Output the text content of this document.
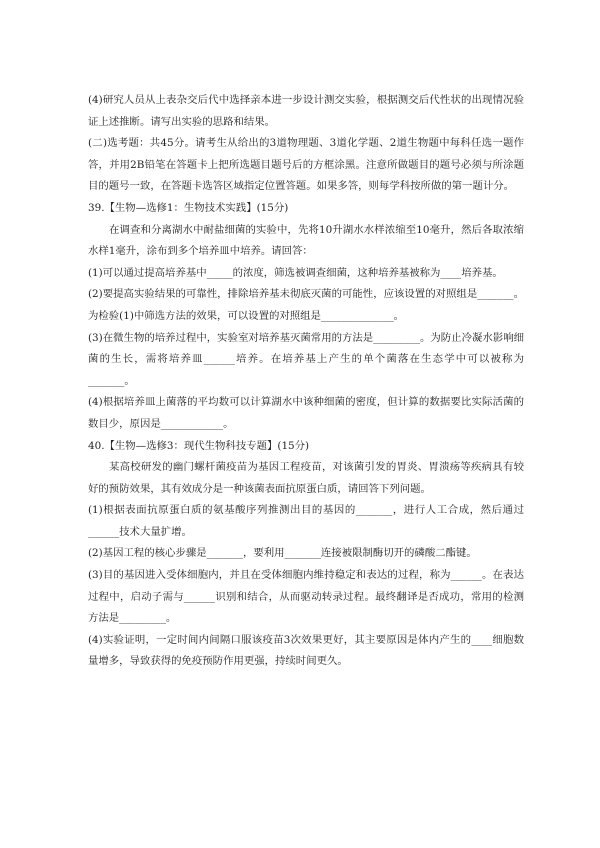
(4)研究人员从上表杂交后代中选择亲本进一步设计测交实验，根据测交后代性状的出现情况验证上述推断。请写出实验的思路和结果。

(二)选考题：共45分。请考生从给出的3道物理题、3道化学题、2道生物题中每科任选一题作答，并用2B铅笔在答题卡上把所选题目题号后的方框涂黑。注意所做题目的题号必须与所涂题目的题号一致，在答题卡选答区域指定位置答题。如果多答，则每学科按所做的第一题计分。

39.【生物—选修1：生物技术实践】(15分)

在调查和分离湖水中耐盐细菌的实验中，先将10升湖水水样浓缩至10毫升，然后各取浓缩水样1毫升，涂布到多个培养皿中培养。请回答：

(1)可以通过提高培养基中_____的浓度，筛选被调查细菌，这种培养基被称为____培养基。

(2)要提高实验结果的可靠性，排除培养基未彻底灭菌的可能性，应该设置的对照组是_______。为检验(1)中筛选方法的效果，可以设置的对照组是______________。

(3)在微生物的培养过程中，实验室对培养基灭菌常用的方法是_________。为防止冷凝水影响细菌的生长，需将培养皿______培养。在培养基上产生的单个菌落在生态学中可以被称为_______。

(4)根据培养皿上菌落的平均数可以计算湖水中该种细菌的密度，但计算的数据要比实际活菌的数目少，原因是____________。

40.【生物—选修3：现代生物科技专题】(15分)

某高校研发的幽门螺杆菌疫苗为基因工程疫苗，对该菌引发的胃炎、胃溃疡等疾病具有较好的预防效果，其有效成分是一种该菌表面抗原蛋白质，请回答下列问题。

(1)根据表面抗原蛋白质的氨基酸序列推测出目的基因的_______，进行人工合成，然后通过______技术大量扩增。

(2)基因工程的核心步骤是_______，要利用_______连接被限制酶切开的磷酸二酯键。

(3)目的基因进入受体细胞内，并且在受体细胞内维持稳定和表达的过程，称为______。在表达过程中，启动子需与______识别和结合，从而驱动转录过程。最终翻译是否成功，常用的检测方法是_________。

(4)实验证明，一定时间内间隔口服该疫苗3次效果更好，其主要原因是体内产生的____细胞数量增多，导致获得的免疫预防作用更强，持续时间更久。
